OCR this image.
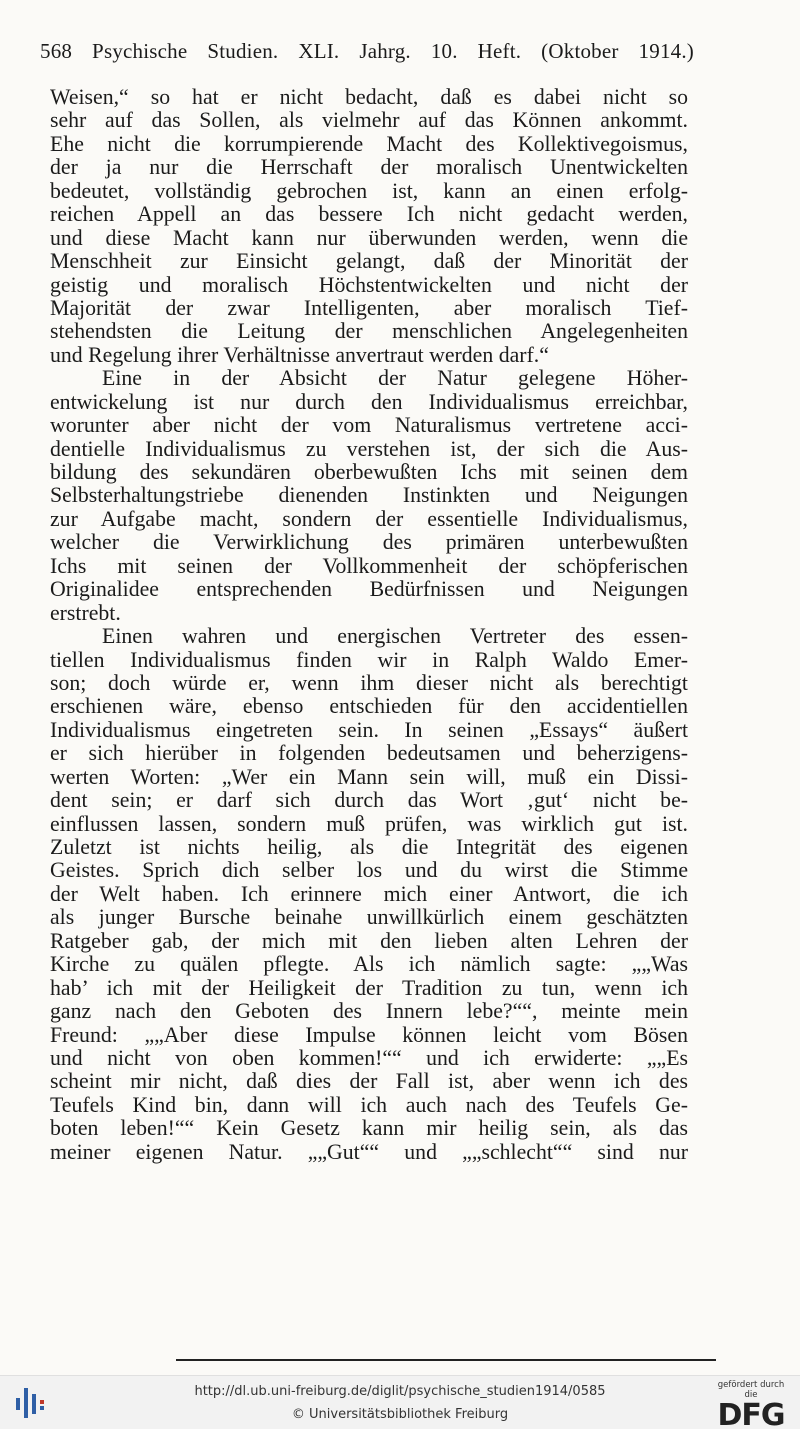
568 Psychische Studien. XLI. Jahrg. 10. Heft. (Oktober 1914.)
Weisen,“ so hat er nicht bedacht, daß es dabei nicht so
sehr auf das Sollen, als vielmehr auf das Können ankommt.
Ehe nicht die korrumpierende Macht des Kollektivegoismus,
der ja nur die Herrschaft der moralisch Unentwickelten
bedeutet, vollständig gebrochen ist, kann an einen erfolg-
reichen Appell an das bessere Ich nicht gedacht werden,
und diese Macht kann nur überwunden werden, wenn die
Menschheit zur Einsicht gelangt, daß der Minorität der
geistig und moralisch Höchstentwickelten und nicht der
Majorität der zwar Intelligenten, aber moralisch Tief-
stehendsten die Leitung der menschlichen Angelegenheiten
und Regelung ihrer Verhältnisse anvertraut werden darf.“
Eine in der Absicht der Natur gelegene Höher-
entwickelung ist nur durch den Individualismus erreichbar,
worunter aber nicht der vom Naturalismus vertretene acci-
dentielle Individualismus zu verstehen ist, der sich die Aus-
bildung des sekundären oberbewußten Ichs mit seinen dem
Selbsterhaltungstriebe dienenden Instinkten und Neigungen
zur Aufgabe macht, sondern der essentielle Individualismus,
welcher die Verwirklichung des primären unterbewußten
Ichs mit seinen der Vollkommenheit der schöpferischen
Originalidee entsprechenden Bedürfnissen und Neigungen
erstrebt.
Einen wahren und energischen Vertreter des essen-
tiellen Individualismus finden wir in Ralph Waldo Emer-
son; doch würde er, wenn ihm dieser nicht als berechtigt
erschienen wäre, ebenso entschieden für den accidentiellen
Individualismus eingetreten sein. In seinen „Essays“ äußert
er sich hierüber in folgenden bedeutsamen und beherzigens-
werten Worten: „Wer ein Mann sein will, muß ein Dissi-
dent sein; er darf sich durch das Wort ‚gut‘ nicht be-
einflussen lassen, sondern muß prüfen, was wirklich gut ist.
Zuletzt ist nichts heilig, als die Integrität des eigenen
Geistes. Sprich dich selber los und du wirst die Stimme
der Welt haben. Ich erinnere mich einer Antwort, die ich
als junger Bursche beinahe unwillkürlich einem geschätzten
Ratgeber gab, der mich mit den lieben alten Lehren der
Kirche zu quälen pflegte. Als ich nämlich sagte: „„Was
hab’ ich mit der Heiligkeit der Tradition zu tun, wenn ich
ganz nach den Geboten des Innern lebe?““, meinte mein
Freund: „„Aber diese Impulse können leicht vom Bösen
und nicht von oben kommen!““ und ich erwiderte: „„Es
scheint mir nicht, daß dies der Fall ist, aber wenn ich des
Teufels Kind bin, dann will ich auch nach des Teufels Ge-
boten leben!““ Kein Gesetz kann mir heilig sein, als das
meiner eigenen Natur. „„Gut““ und „„schlecht““ sind nur
http://dl.ub.uni-freiburg.de/diglit/psychische_studien1914/0585
© Universitätsbibliothek Freiburg
gefördert durch die
DFG
